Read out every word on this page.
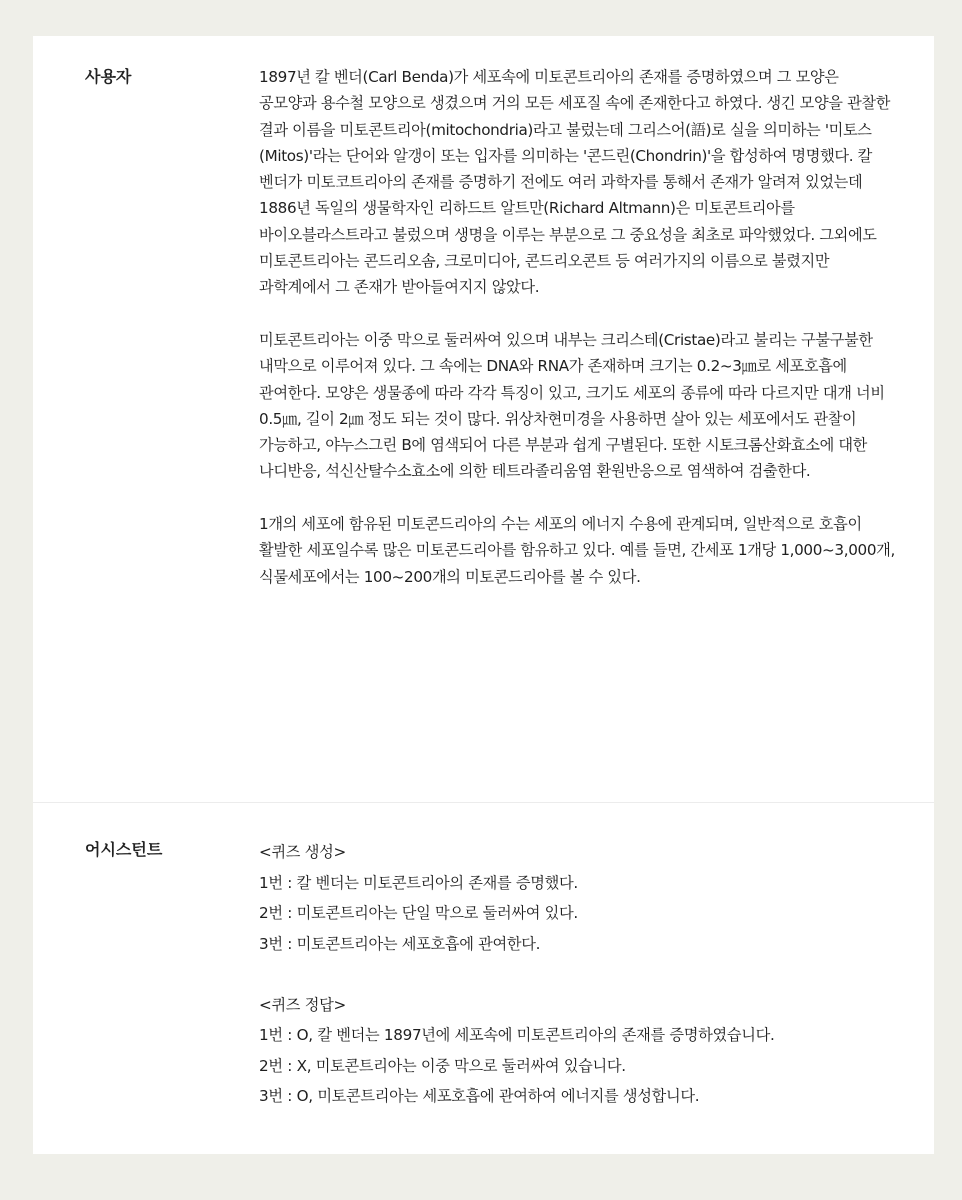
사용자	1897년 칼 벤더(Carl Benda)가 세포속에 미토콘트리아의 존재를 증명하였으며 그 모양은 공모양과 용수철 모양으로 생겼으며 거의 모든 세포질 속에 존재한다고 하였다. 생긴 모양을 관찰한 결과 이름을 미토콘트리아(mitochondria)라고 불렀는데 그리스어(語)로 실을 의미하는 '미토스(Mitos)'라는 단어와 알갱이 또는 입자를 의미하는 '콘드린(Chondrin)'을 합성하여 명명했다. 칼 벤더가 미토코트리아의 존재를 증명하기 전에도 여러 과학자를 통해서 존재가 알려져 있었는데 1886년 독일의 생물학자인 리하드트 알트만(Richard Altmann)은 미토콘트리아를 바이오블라스트라고 불렀으며 생명을 이루는 부분으로 그 중요성을 최초로 파악했었다. 그외에도 미토콘트리아는 콘드리오솜, 크로미디아, 콘드리오콘트 등 여러가지의 이름으로 불렸지만 과학계에서 그 존재가 받아들여지지 않았다.

미토콘트리아는 이중 막으로 둘러싸여 있으며 내부는 크리스테(Cristae)라고 불리는 구불구불한 내막으로 이루어져 있다. 그 속에는 DNA와 RNA가 존재하며 크기는 0.2~3㎛로 세포호흡에 관여한다. 모양은 생물종에 따라 각각 특징이 있고, 크기도 세포의 종류에 따라 다르지만 대개 너비 0.5㎛, 길이 2㎛ 정도 되는 것이 많다. 위상차현미경을 사용하면 살아 있는 세포에서도 관찰이 가능하고, 야누스그린 B에 염색되어 다른 부분과 쉽게 구별된다. 또한 시토크롬산화효소에 대한 나디반응, 석신산탈수소효소에 의한 테트라졸리움염 환원반응으로 염색하여 검출한다.

1개의 세포에 함유된 미토콘드리아의 수는 세포의 에너지 수용에 관계되며, 일반적으로 호흡이 활발한 세포일수록 많은 미토콘드리아를 함유하고 있다. 예를 들면, 간세포 1개당 1,000~3,000개, 식물세포에서는 100~200개의 미토콘드리아를 볼 수 있다.

어시스턴트	<퀴즈 생성>
1번 : 칼 벤더는 미토콘트리아의 존재를 증명했다.
2번 : 미토콘트리아는 단일 막으로 둘러싸여 있다.
3번 : 미토콘트리아는 세포호흡에 관여한다.
<퀴즈 정답>
1번 : O, 칼 벤더는 1897년에 세포속에 미토콘트리아의 존재를 증명하였습니다.
2번 : X, 미토콘트리아는 이중 막으로 둘러싸여 있습니다.
3번 : O, 미토콘트리아는 세포호흡에 관여하여 에너지를 생성합니다.
